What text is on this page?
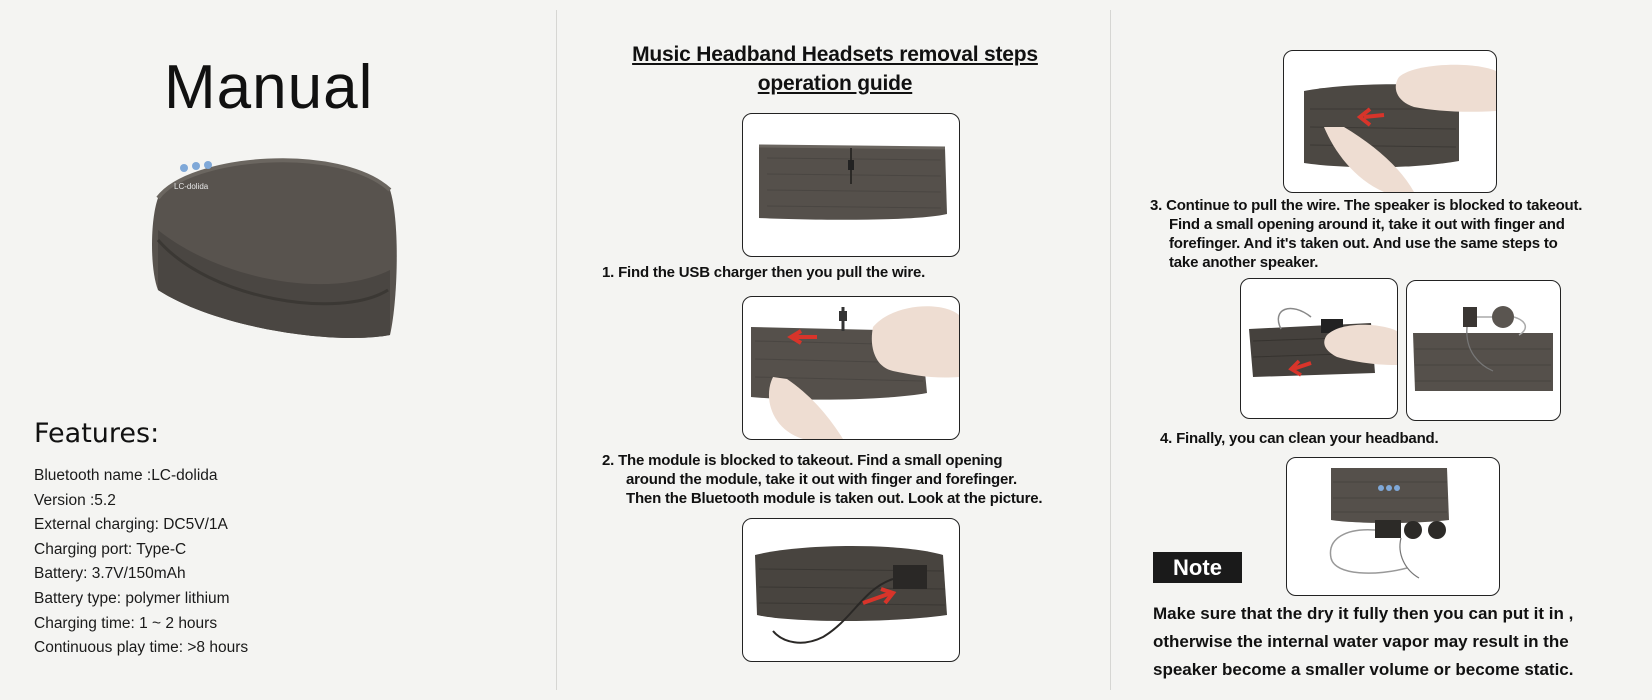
Manual
LC-dolida
Features:
Bluetooth name :LC-dolida
Version :5.2
External charging: DC5V/1A
Charging port: Type-C
Battery: 3.7V/150mAh
Battery type: polymer lithium
Charging time: 1 ~ 2 hours
Continuous play time: >8 hours
Music Headband Headsets removal steps
operation guide
1. Find the USB charger then you pull the wire.
2. The module is blocked to takeout. Find a small opening
around the module, take it out with finger and forefinger.
Then the Bluetooth module is taken out. Look at the picture.
3. Continue to pull the wire. The speaker is blocked to takeout.
Find a small opening around it, take it out with finger and
forefinger. And it's taken out. And use the same steps to
take another speaker.
4. Finally, you can clean your headband.
Note
Make sure that the dry it fully then you can put it in ,
otherwise the internal water vapor may result in the
speaker become a smaller volume or become static.
